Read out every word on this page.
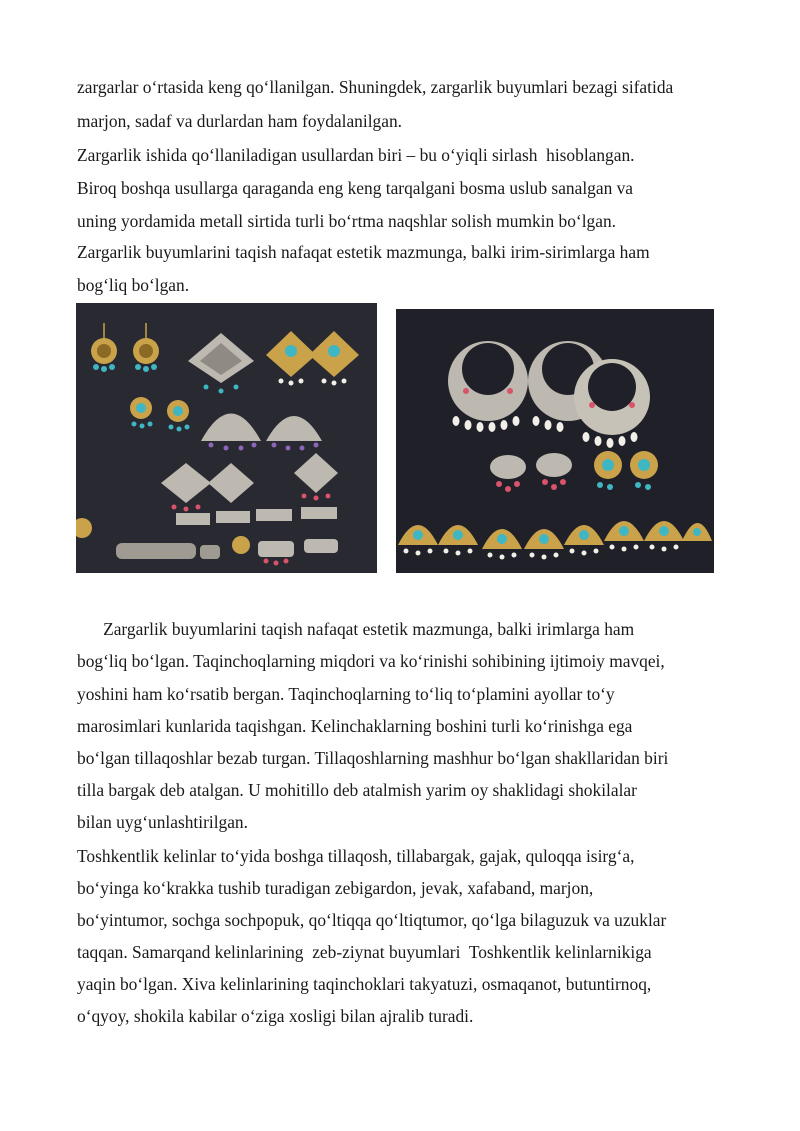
zargarlar o‘rtasida keng qo‘llanilgan. Shuningdek, zargarlik buyumlari bezagi sifatida
marjon, sadaf va durlardan ham foydalanilgan.
Zargarlik ishida qo‘llaniladigan usullardan biri – bu o‘yiqli sirlash  hisoblangan.
Biroq boshqa usullarga qaraganda eng keng tarqalgani bosma uslub sanalgan va
uning yordamida metall sirtida turli bo‘rtma naqshlar solish mumkin bo‘lgan.
Zargarlik buyumlarini taqish nafaqat estetik mazmunga, balki irim-sirimlarga ham
bog‘liq bo‘lgan.
Zargarlik buyumlarini taqish nafaqat estetik mazmunga, balki irimlarga ham
bog‘liq bo‘lgan. Taqinchoqlarning miqdori va ko‘rinishi sohibining ijtimoiy mavqei,
yoshini ham ko‘rsatib bergan. Taqinchoqlarning to‘liq to‘plamini ayollar to‘y
marosimlari kunlarida taqishgan. Kelinchaklarning boshini turli ko‘rinishga ega
bo‘lgan tillaqoshlar bezab turgan. Tillaqoshlarning mashhur bo‘lgan shakllaridan biri
tilla bargak deb atalgan. U mohitillo deb atalmish yarim oy shaklidagi shokilalar
bilan uyg‘unlashtirilgan.
Toshkentlik kelinlar to‘yida boshga tillaqosh, tillabargak, gajak, quloqqa isirg‘a,
bo‘yinga ko‘krakka tushib turadigan zebigardon, jevak, xafaband, marjon,
bo‘yintumor, sochga sochpopuk, qo‘ltiqqa qo‘ltiqtumor, qo‘lga bilaguzuk va uzuklar
taqqan. Samarqand kelinlarining  zeb-ziynat buyumlari  Toshkentlik kelinlarnikiga
yaqin bo‘lgan. Xiva kelinlarining taqinchoklari takyatuzi, osmaqanot, butuntirnoq,
o‘qyoy, shokila kabilar o‘ziga xosligi bilan ajralib turadi.
